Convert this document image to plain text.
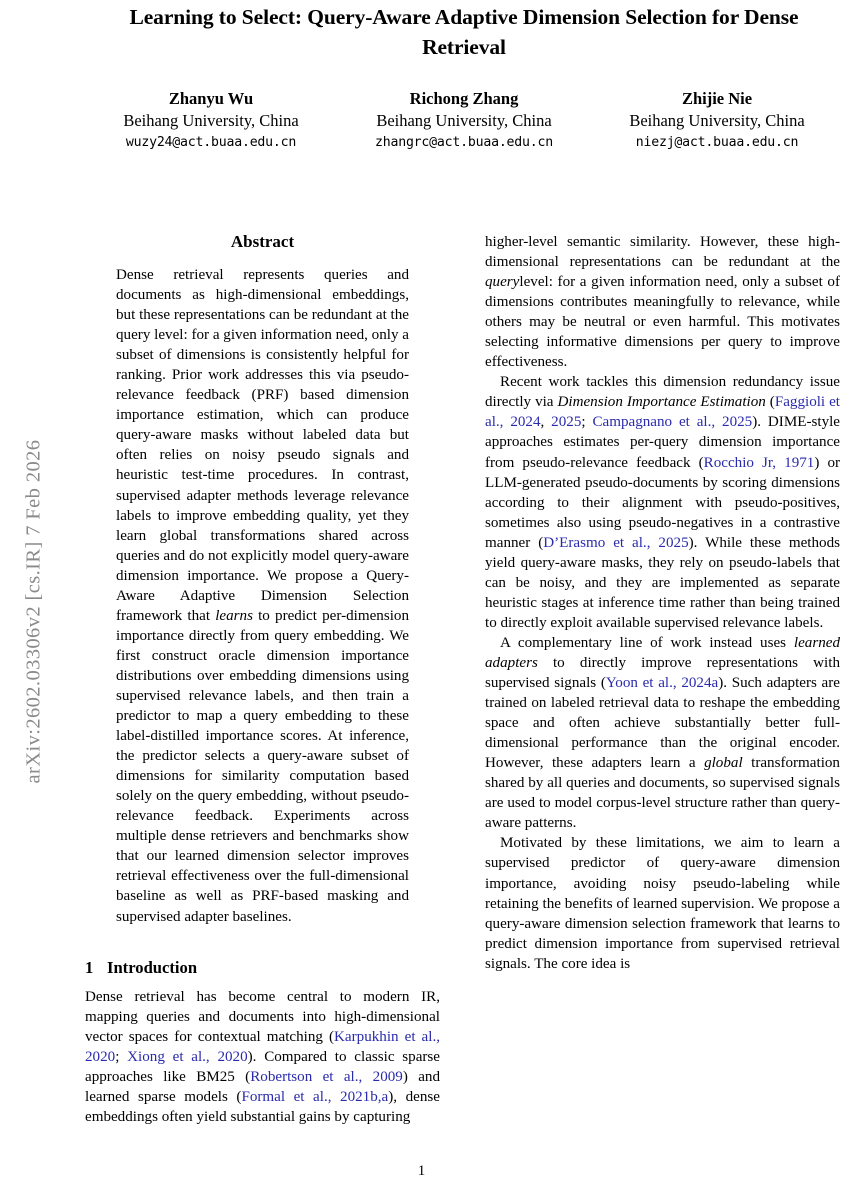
arXiv:2602.03306v2 [cs.IR] 7 Feb 2026
Learning to Select: Query-Aware Adaptive Dimension Selection for Dense Retrieval
Zhanyu Wu
Beihang University, China
wuzy24@act.buaa.edu.cn
Richong Zhang
Beihang University, China
zhangrc@act.buaa.edu.cn
Zhijie Nie
Beihang University, China
niezj@act.buaa.edu.cn
Abstract

Dense retrieval represents queries and documents as high-dimensional embeddings, but these representations can be redundant at the query level: for a given information need, only a subset of dimensions is consistently helpful for ranking. Prior work addresses this via pseudo-relevance feedback (PRF) based dimension importance estimation, which can produce query-aware masks without labeled data but often relies on noisy pseudo signals and heuristic test-time procedures. In contrast, supervised adapter methods leverage relevance labels to improve embedding quality, yet they learn global transformations shared across queries and do not explicitly model query-aware dimension importance. We propose a Query-Aware Adaptive Dimension Selection framework that learns to predict per-dimension importance directly from query embedding. We first construct oracle dimension importance distributions over embedding dimensions using supervised relevance labels, and then train a predictor to map a query embedding to these label-distilled importance scores. At inference, the predictor selects a query-aware subset of dimensions for similarity computation based solely on the query embedding, without pseudo-relevance feedback. Experiments across multiple dense retrievers and benchmarks show that our learned dimension selector improves retrieval effectiveness over the full-dimensional baseline as well as PRF-based masking and supervised adapter baselines.

1 Introduction

Dense retrieval has become central to modern IR, mapping queries and documents into high-dimensional vector spaces for contextual matching (Karpukhin et al., 2020; Xiong et al., 2020). Compared to classic sparse approaches like BM25 (Robertson et al., 2009) and learned sparse models (Formal et al., 2021b,a), dense embeddings often yield substantial gains by capturing

higher-level semantic similarity. However, these high-dimensional representations can be redundant at the querylevel: for a given information need, only a subset of dimensions contributes meaningfully to relevance, while others may be neutral or even harmful. This motivates selecting informative dimensions per query to improve effectiveness.

Recent work tackles this dimension redundancy issue directly via Dimension Importance Estimation (Faggioli et al., 2024, 2025; Campagnano et al., 2025). DIME-style approaches estimates per-query dimension importance from pseudo-relevance feedback (Rocchio Jr, 1971) or LLM-generated pseudo-documents by scoring dimensions according to their alignment with pseudo-positives, sometimes also using pseudo-negatives in a contrastive manner (D’Erasmo et al., 2025). While these methods yield query-aware masks, they rely on pseudo-labels that can be noisy, and they are implemented as separate heuristic stages at inference time rather than being trained to directly exploit available supervised relevance labels.

A complementary line of work instead uses learned adapters to directly improve representations with supervised signals (Yoon et al., 2024a). Such adapters are trained on labeled retrieval data to reshape the embedding space and often achieve substantially better full-dimensional performance than the original encoder. However, these adapters learn a global transformation shared by all queries and documents, so supervised signals are used to model corpus-level structure rather than query-aware patterns.

Motivated by these limitations, we aim to learn a supervised predictor of query-aware dimension importance, avoiding noisy pseudo-labeling while retaining the benefits of learned supervision. We propose a query-aware dimension selection framework that learns to predict dimension importance from supervised retrieval signals. The core idea is

1
